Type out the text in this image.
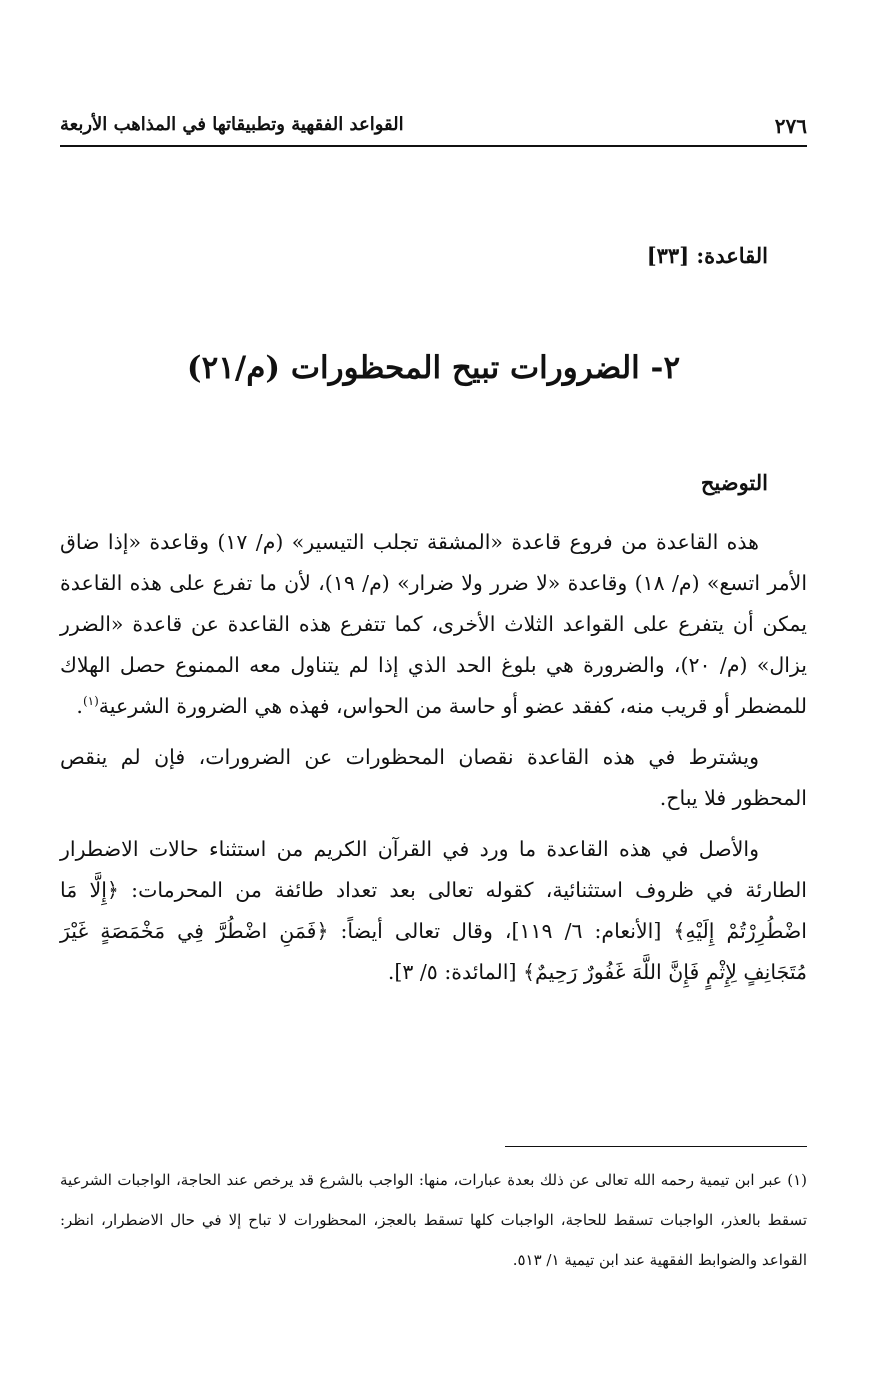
٢٧٦
القواعد الفقهية وتطبيقاتها في المذاهب الأربعة
القاعدة: [٣٣]
٢- الضرورات تبيح المحظورات (م/٢١)
التوضيح

هذه القاعدة من فروع قاعدة «المشقة تجلب التيسير» (م/ ١٧) وقاعدة «إذا ضاق الأمر اتسع» (م/ ١٨) وقاعدة «لا ضرر ولا ضرار» (م/ ١٩)، لأن ما تفرع على هذه القاعدة يمكن أن يتفرع على القواعد الثلاث الأخرى، كما تتفرع هذه القاعدة عن قاعدة «الضرر يزال» (م/ ٢٠)، والضرورة هي بلوغ الحد الذي إذا لم يتناول معه الممنوع حصل الهلاك للمضطر أو قريب منه، كفقد عضو أو حاسة من الحواس، فهذه هي الضرورة الشرعية$^{(١)}$.

ويشترط في هذه القاعدة نقصان المحظورات عن الضرورات، فإن لم ينقص المحظور فلا يباح.

والأصل في هذه القاعدة ما ورد في القرآن الكريم من استثناء حالات الاضطرار الطارئة في ظروف استثنائية، كقوله تعالى بعد تعداد طائفة من المحرمات: ﴿إِلَّا مَا اضْطُرِرْتُمْ إِلَيْهِ﴾ [الأنعام: ٦/ ١١٩]، وقال تعالى أيضاً: ﴿فَمَنِ اضْطُرَّ فِي مَخْمَصَةٍ غَيْرَ مُتَجَانِفٍ لِإِثْمٍ فَإِنَّ اللَّهَ غَفُورٌ رَحِيمٌ﴾ [المائدة: ٥/ ٣].

(١) عبر ابن تيمية رحمه الله تعالى عن ذلك بعدة عبارات، منها: الواجب بالشرع قد يرخص عند الحاجة، الواجبات الشرعية تسقط بالعذر، الواجبات تسقط للحاجة، الواجبات كلها تسقط بالعجز، المحظورات لا تباح إلا في حال الاضطرار، انظر: القواعد والضوابط الفقهية عند ابن تيمية ١/ ٥١٣.
